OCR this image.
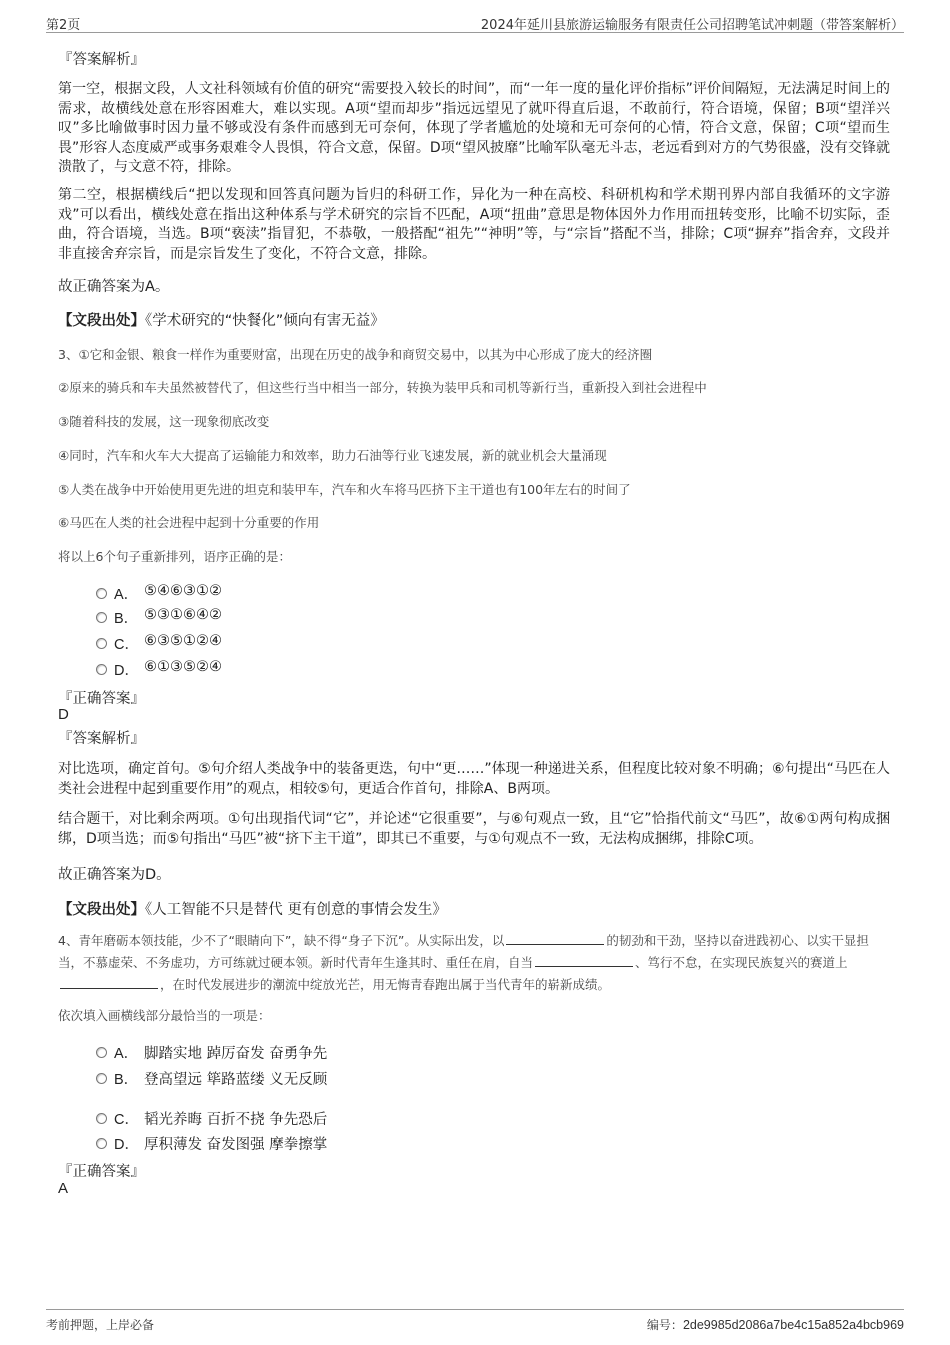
第2页	2024年延川县旅游运输服务有限责任公司招聘笔试冲刺题（带答案解析）
『答案解析』
第一空，根据文段，人文社科领域有价值的研究“需要投入较长的时间”，而“一年一度的量化评价指标”评价间隔短，无法满足时间上的需求，故横线处意在形容困难大，难以实现。A项“望而却步”指远远望见了就吓得直后退，不敢前行，符合语境，保留；B项“望洋兴叹”多比喻做事时因力量不够或没有条件而感到无可奈何，体现了学者尴尬的处境和无可奈何的心情，符合文意，保留；C项“望而生畏”形容人态度威严或事务艰难令人畏惧，符合文意，保留。D项“望风披靡”比喻军队毫无斗志，老远看到对方的气势很盛，没有交锋就溃散了，与文意不符，排除。
第二空，根据横线后“把以发现和回答真问题为旨归的科研工作，异化为一种在高校、科研机构和学术期刊界内部自我循环的文字游戏”可以看出，横线处意在指出这种体系与学术研究的宗旨不匹配，A项“扭曲”意思是物体因外力作用而扭转变形，比喻不切实际，歪曲，符合语境，当选。B项“亵渎”指冒犯，不恭敬，一般搭配“祖先”“神明”等，与“宗旨”搭配不当，排除；C项“摒弃”指舍弃，文段并非直接舍弃宗旨，而是宗旨发生了变化，不符合文意，排除。
故正确答案为A。
【文段出处】《学术研究的“快餐化”倾向有害无益》
3、①它和金银、粮食一样作为重要财富，出现在历史的战争和商贸交易中，以其为中心形成了庞大的经济圈
②原来的骑兵和车夫虽然被替代了，但这些行当中相当一部分，转换为装甲兵和司机等新行当，重新投入到社会进程中
③随着科技的发展，这一现象彻底改变
④同时，汽车和火车大大提高了运输能力和效率，助力石油等行业飞速发展，新的就业机会大量涌现
⑤人类在战争中开始使用更先进的坦克和装甲车，汽车和火车将马匹挤下主干道也有100年左右的时间了
⑥马匹在人类的社会进程中起到十分重要的作用
将以上6个句子重新排列，语序正确的是：
A． ⑤④⑥③①②
B． ⑤③①⑥④②
C． ⑥③⑤①②④
D． ⑥①③⑤②④
『正确答案』
D
『答案解析』
对比选项，确定首句。⑤句介绍人类战争中的装备更迭，句中“更……”体现一种递进关系，但程度比较对象不明确；⑥句提出“马匹在人类社会进程中起到重要作用”的观点，相较⑤句，更适合作首句，排除A、B两项。
结合题干，对比剩余两项。①句出现指代词“它”，并论述“它很重要”，与⑥句观点一致，且“它”恰指代前文“马匹”，故⑥①两句构成捆绑，D项当选；而⑤句指出“马匹”被“挤下主干道”，即其已不重要，与①句观点不一致，无法构成捆绑，排除C项。
故正确答案为D。
【文段出处】《人工智能不只是替代 更有创意的事情会发生》
4、青年磨砺本领技能，少不了“眼睛向下”，缺不得“身子下沉”。从实际出发，以	的韧劲和干劲，坚持以奋进践初心、以实干显担当，不慕虚荣、不务虚功，方可练就过硬本领。新时代青年生逢其时、重任在肩，自当	、笃行不怠，在实现民族复兴的赛道上，在时代发展进步的潮流中绽放光芒，用无悔青春跑出属于当代青年的崭新成绩。
依次填入画横线部分最恰当的一项是：
A． 脚踏实地 踔厉奋发 奋勇争先
B． 登高望远 筚路蓝缕 义无反顾
C． 韬光养晦 百折不挠 争先恐后
D． 厚积薄发 奋发图强 摩拳擦掌
『正确答案』
A
考前押题，上岸必备	编号：2de9985d2086a7be4c15a852a4bcb969
